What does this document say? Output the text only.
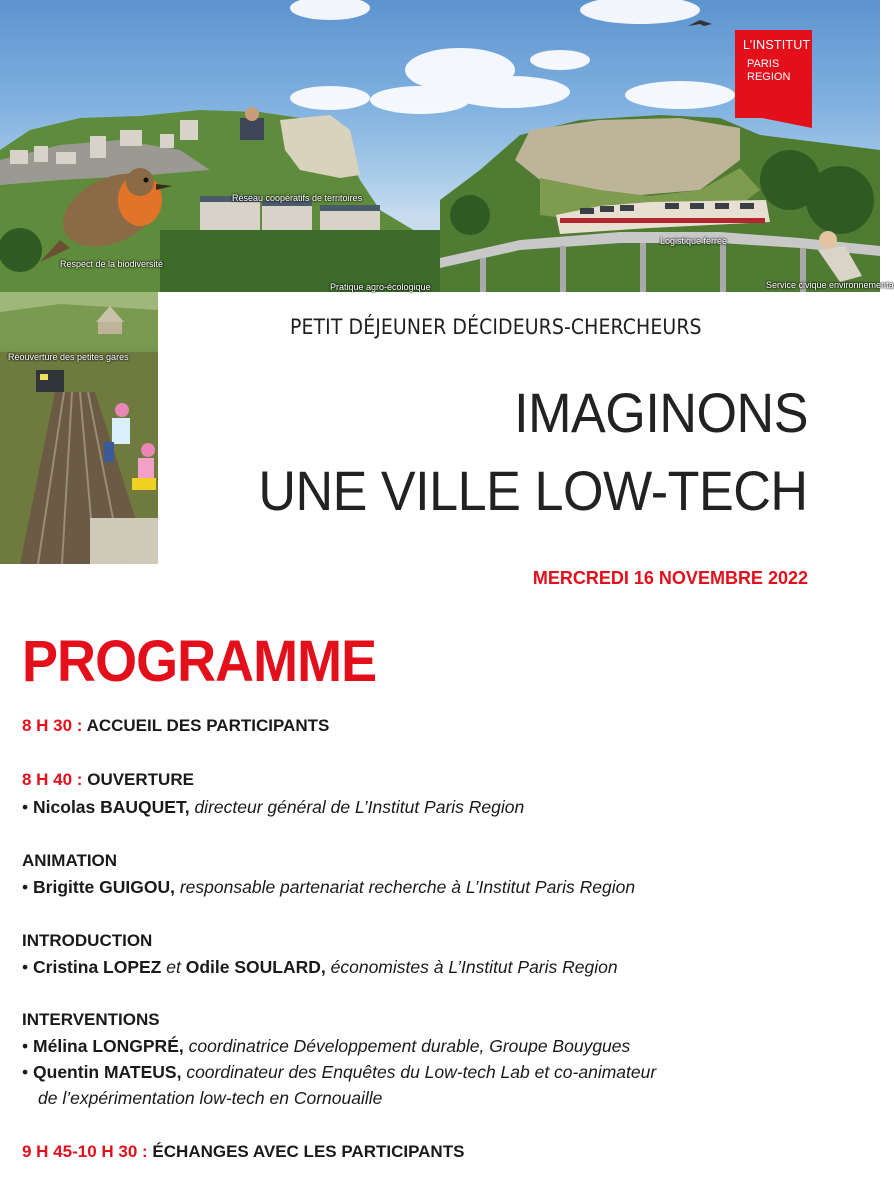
Réseau coopératifs de territoires
Respect de la biodiversité
Logistique ferrée
Pratique agro-écologique	Service civique environnementa
L’INSTITUT
PARIS
REGION
Réouverture des petites gares
PETIT DÉJEUNER DÉCIDEURS-CHERCHEURS
IMAGINONS
UNE VILLE LOW-TECH
MERCREDI 16 NOVEMBRE 2022
PROGRAMME
8 H 30 : ACCUEIL DES PARTICIPANTS
8 H 40 : OUVERTURE
• Nicolas BAUQUET, directeur général de L’Institut Paris Region
ANIMATION
• Brigitte GUIGOU, responsable partenariat recherche à L’Institut Paris Region
INTRODUCTION
• Cristina LOPEZ et Odile SOULARD, économistes à L’Institut Paris Region
INTERVENTIONS
• Mélina LONGPRÉ, coordinatrice Développement durable, Groupe Bouygues
• Quentin MATEUS, coordinateur des Enquêtes du Low-tech Lab et co-animateur
de l’expérimentation low-tech en Cornouaille
9 H 45-10 H 30 : ÉCHANGES AVEC LES PARTICIPANTS
